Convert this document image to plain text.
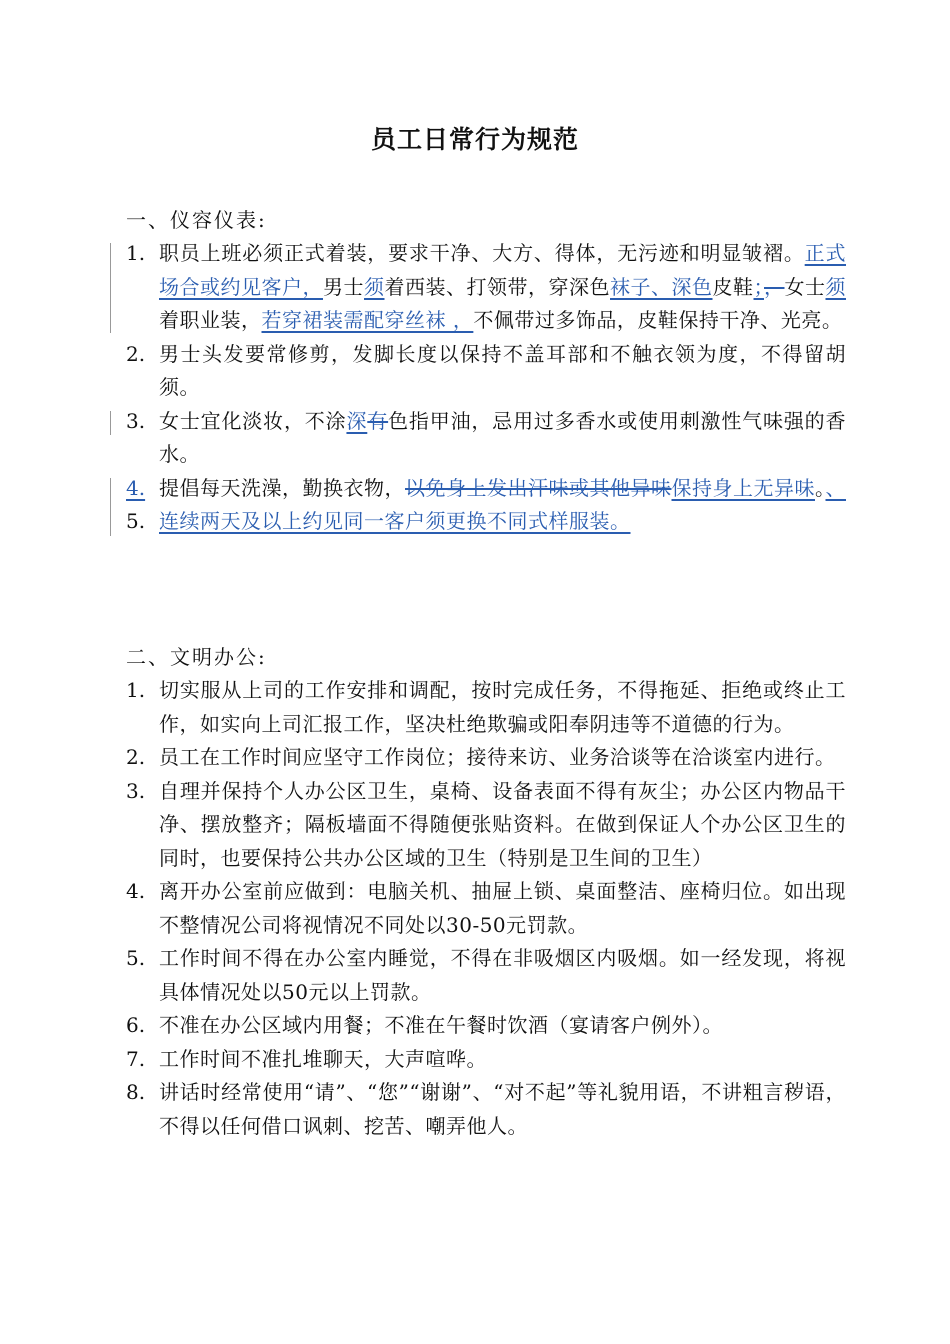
员工日常行为规范
一、仪容仪表:
1. 职员上班必须正式着装，要求干净、大方、得体，无污迹和明显皱褶。正式场合或约见客户，男士须着西装、打领带，穿深色袜子、深色皮鞋；，女士须着职业装，若穿裙装需配穿丝袜 ，不佩带过多饰品，皮鞋保持干净、光亮。
2. 男士头发要常修剪，发脚长度以保持不盖耳部和不触衣领为度，不得留胡须。
3. 女士宜化淡妆，不涂深有色指甲油，忌用过多香水或使用刺激性气味强的香水。
4. 提倡每天洗澡，勤换衣物，以免身上发出汗味或其他异味保持身上无异味。、
5. 连续两天及以上约见同一客户须更换不同式样服装。
二、文明办公:
1. 切实服从上司的工作安排和调配，按时完成任务，不得拖延、拒绝或终止工作，如实向上司汇报工作，坚决杜绝欺骗或阳奉阴违等不道德的行为。
2. 员工在工作时间应坚守工作岗位；接待来访、业务洽谈等在洽谈室内进行。
3. 自理并保持个人办公区卫生，桌椅、设备表面不得有灰尘；办公区内物品干净、摆放整齐；隔板墙面不得随便张贴资料。在做到保证人个办公区卫生的同时，也要保持公共办公区域的卫生（特别是卫生间的卫生）
4. 离开办公室前应做到：电脑关机、抽屉上锁、桌面整洁、座椅归位。如出现不整情况公司将视情况不同处以30-50元罚款。
5. 工作时间不得在办公室内睡觉，不得在非吸烟区内吸烟。如一经发现，将视具体情况处以50元以上罚款。
6. 不准在办公区域内用餐；不准在午餐时饮酒（宴请客户例外）。
7. 工作时间不准扎堆聊天，大声喧哗。
8. 讲话时经常使用“请”、“您”“谢谢”、“对不起”等礼貌用语，不讲粗言秽语，不得以任何借口讽刺、挖苦、嘲弄他人。
